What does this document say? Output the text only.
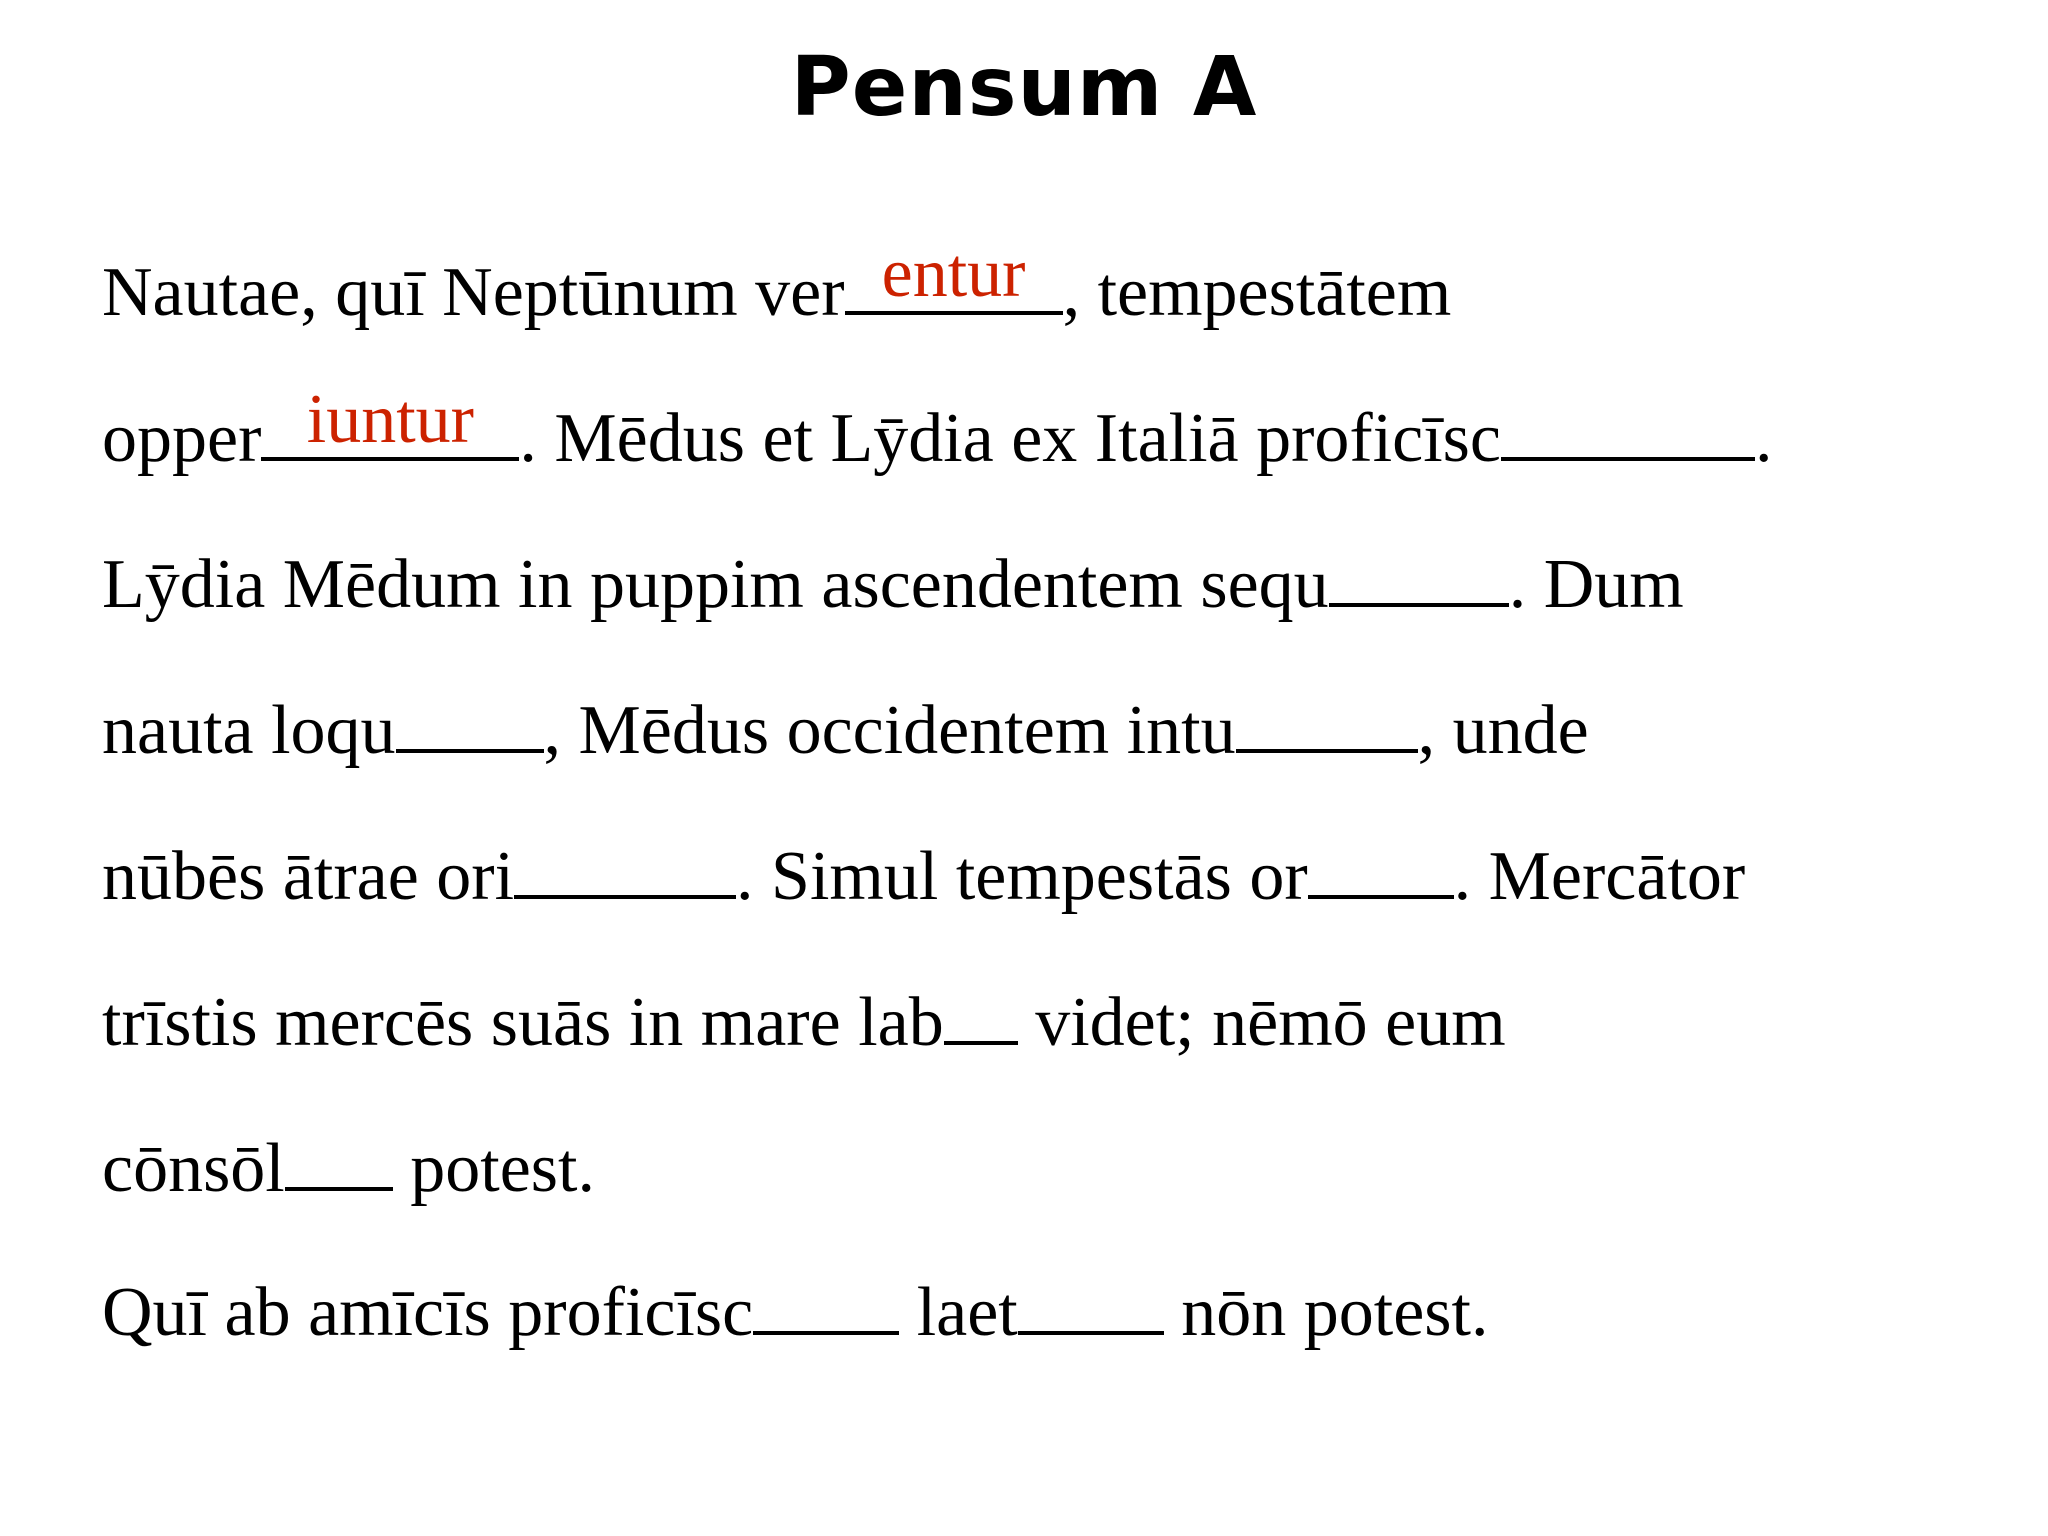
Pensum A
Nautae, quī Neptūnum ver entur , tempestātem
opper iuntur . Mēdus et Lȳdia ex Italiā proficīsc	.
Lȳdia Mēdum in puppim ascendentem sequ	. Dum
nauta loqu , Mēdus occidentem intu	, unde
nūbēs ātrae ori	. Simul tempestās or . Mercātor
trīstis mercēs suās in mare lab videt; nēmō eum
cōnsōl potest.
Quī ab amīcīs proficīsc laet nōn potest.
